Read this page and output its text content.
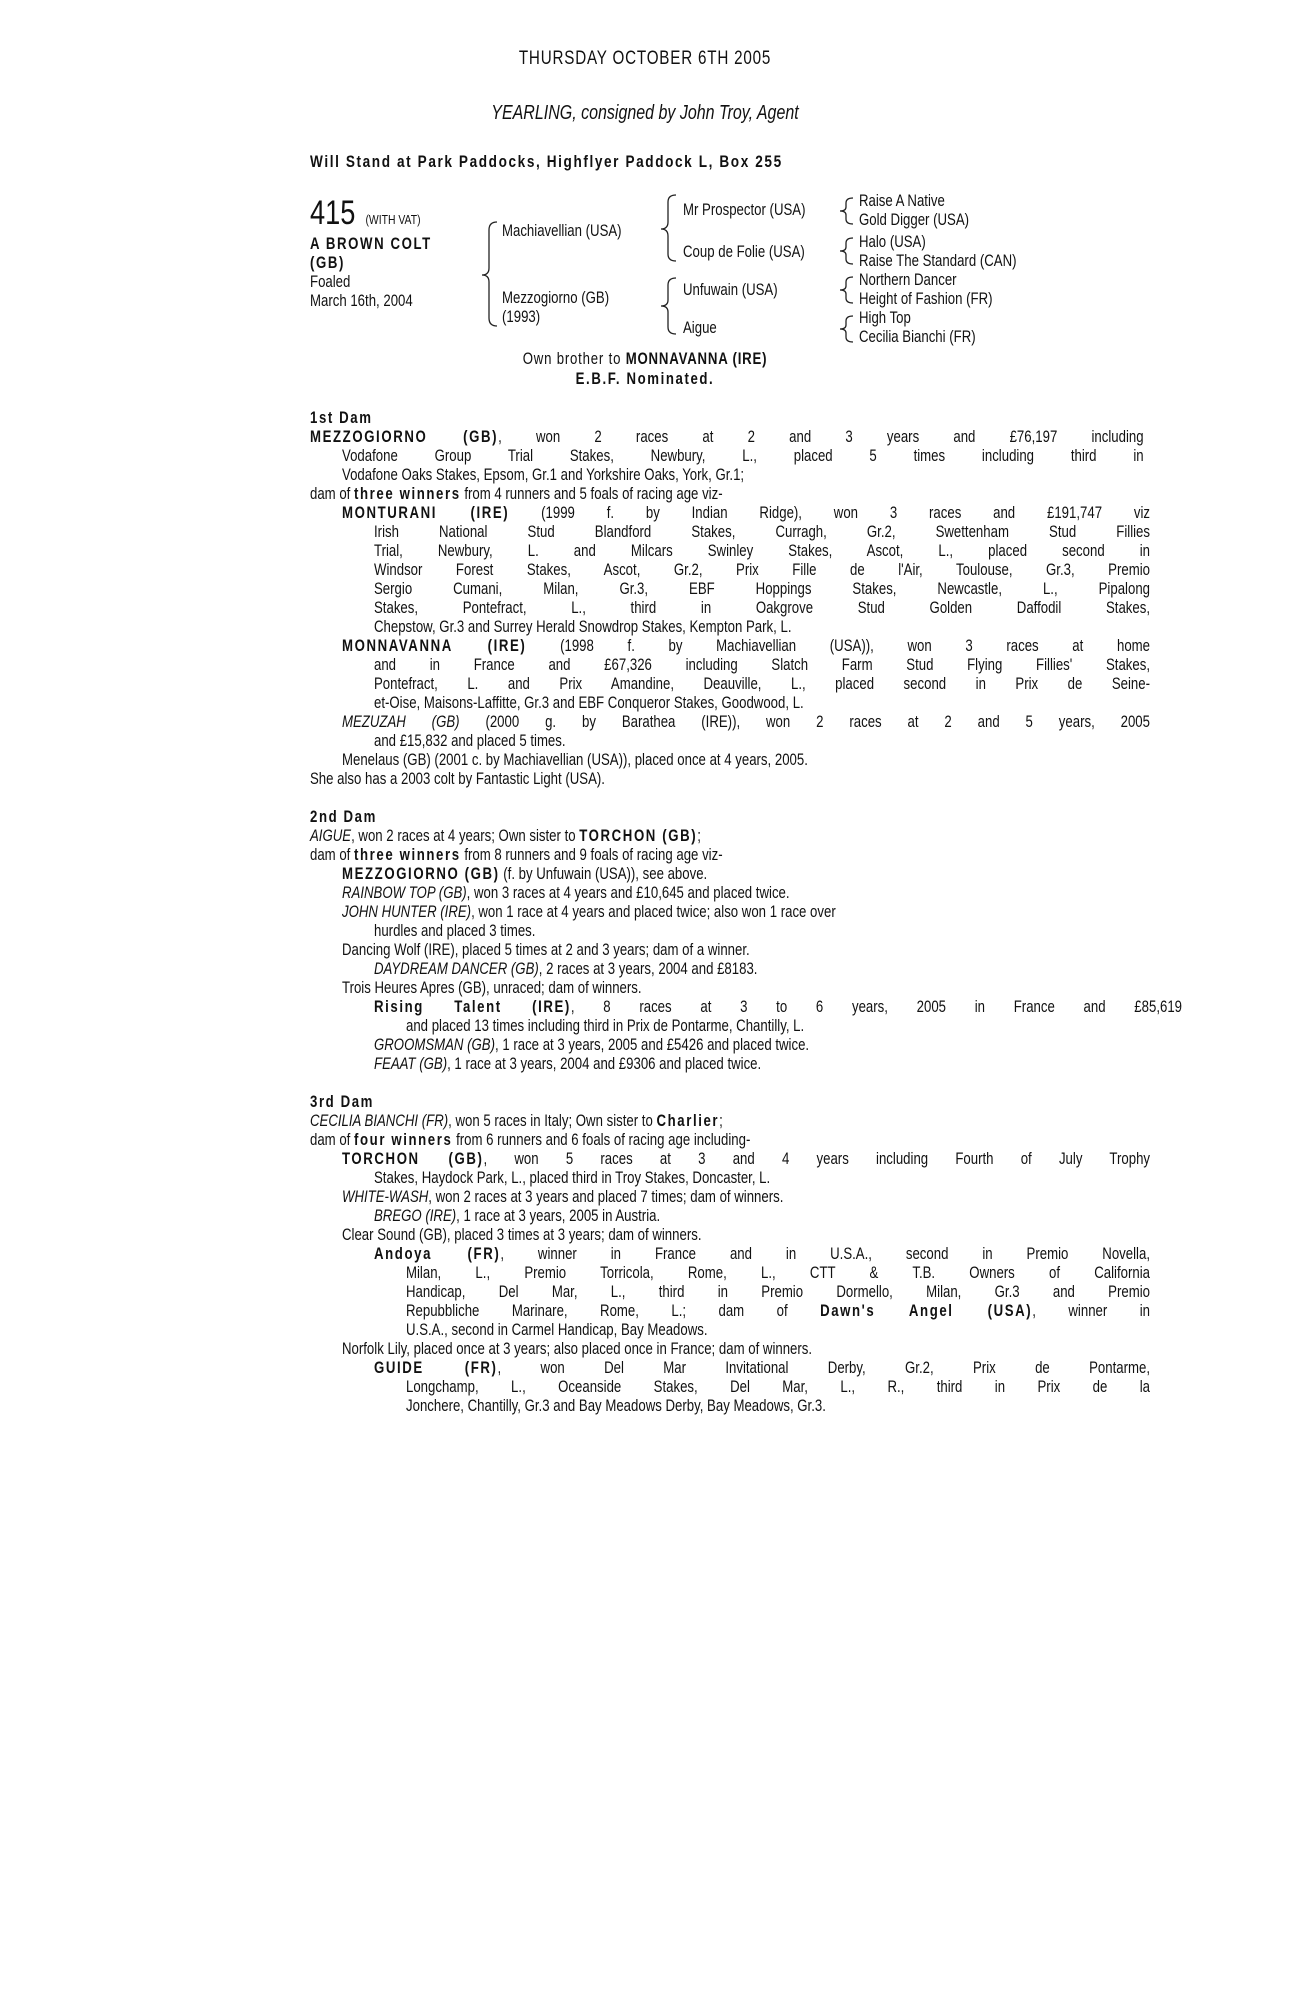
THURSDAY OCTOBER 6TH 2005
YEARLING, consigned by John Troy, Agent
Will Stand at Park Paddocks, Highflyer Paddock L, Box 255
415 (WITH VAT)
A BROWN COLT
(GB)
Foaled
March 16th, 2004
Machiavellian (USA)
Mezzogiorno (GB)
(1993)
Mr Prospector (USA)
Coup de Folie (USA)
Unfuwain (USA)
Aigue
Raise A Native
Gold Digger (USA)
Halo (USA)
Raise The Standard (CAN)
Northern Dancer
Height of Fashion (FR)
High Top
Cecilia Bianchi (FR)
Own brother to MONNAVANNA (IRE)
E.B.F. Nominated.
1st Dam
MEZZOGIORNO (GB), won 2 races at 2 and 3 years and £76,197 including
Vodafone Group Trial Stakes, Newbury, L., placed 5 times including third in
Vodafone Oaks Stakes, Epsom, Gr.1 and Yorkshire Oaks, York, Gr.1;
dam of three winners from 4 runners and 5 foals of racing age viz-
MONTURANI (IRE) (1999 f. by Indian Ridge), won 3 races and £191,747 viz
Irish National Stud Blandford Stakes, Curragh, Gr.2, Swettenham Stud Fillies
Trial, Newbury, L. and Milcars Swinley Stakes, Ascot, L., placed second in
Windsor Forest Stakes, Ascot, Gr.2, Prix Fille de l'Air, Toulouse, Gr.3, Premio
Sergio Cumani, Milan, Gr.3, EBF Hoppings Stakes, Newcastle, L., Pipalong
Stakes, Pontefract, L., third in Oakgrove Stud Golden Daffodil Stakes,
Chepstow, Gr.3 and Surrey Herald Snowdrop Stakes, Kempton Park, L.
MONNAVANNA (IRE) (1998 f. by Machiavellian (USA)), won 3 races at home
and in France and £67,326 including Slatch Farm Stud Flying Fillies' Stakes,
Pontefract, L. and Prix Amandine, Deauville, L., placed second in Prix de Seine-
et-Oise, Maisons-Laffitte, Gr.3 and EBF Conqueror Stakes, Goodwood, L.
MEZUZAH (GB) (2000 g. by Barathea (IRE)), won 2 races at 2 and 5 years, 2005
and £15,832 and placed 5 times.
Menelaus (GB) (2001 c. by Machiavellian (USA)), placed once at 4 years, 2005.
She also has a 2003 colt by Fantastic Light (USA).
2nd Dam
AIGUE, won 2 races at 4 years; Own sister to TORCHON (GB);
dam of three winners from 8 runners and 9 foals of racing age viz-
MEZZOGIORNO (GB) (f. by Unfuwain (USA)), see above.
RAINBOW TOP (GB), won 3 races at 4 years and £10,645 and placed twice.
JOHN HUNTER (IRE), won 1 race at 4 years and placed twice; also won 1 race over
hurdles and placed 3 times.
Dancing Wolf (IRE), placed 5 times at 2 and 3 years; dam of a winner.
DAYDREAM DANCER (GB), 2 races at 3 years, 2004 and £8183.
Trois Heures Apres (GB), unraced; dam of winners.
Rising Talent (IRE), 8 races at 3 to 6 years, 2005 in France and £85,619
and placed 13 times including third in Prix de Pontarme, Chantilly, L.
GROOMSMAN (GB), 1 race at 3 years, 2005 and £5426 and placed twice.
FEAAT (GB), 1 race at 3 years, 2004 and £9306 and placed twice.
3rd Dam
CECILIA BIANCHI (FR), won 5 races in Italy; Own sister to Charlier;
dam of four winners from 6 runners and 6 foals of racing age including-
TORCHON (GB), won 5 races at 3 and 4 years including Fourth of July Trophy
Stakes, Haydock Park, L., placed third in Troy Stakes, Doncaster, L.
WHITE-WASH, won 2 races at 3 years and placed 7 times; dam of winners.
BREGO (IRE), 1 race at 3 years, 2005 in Austria.
Clear Sound (GB), placed 3 times at 3 years; dam of winners.
Andoya (FR), winner in France and in U.S.A., second in Premio Novella,
Milan, L., Premio Torricola, Rome, L., CTT & T.B. Owners of California
Handicap, Del Mar, L., third in Premio Dormello, Milan, Gr.3 and Premio
Repubbliche Marinare, Rome, L.; dam of Dawn's Angel (USA), winner in
U.S.A., second in Carmel Handicap, Bay Meadows.
Norfolk Lily, placed once at 3 years; also placed once in France; dam of winners.
GUIDE (FR), won Del Mar Invitational Derby, Gr.2, Prix de Pontarme,
Longchamp, L., Oceanside Stakes, Del Mar, L., R., third in Prix de la
Jonchere, Chantilly, Gr.3 and Bay Meadows Derby, Bay Meadows, Gr.3.
